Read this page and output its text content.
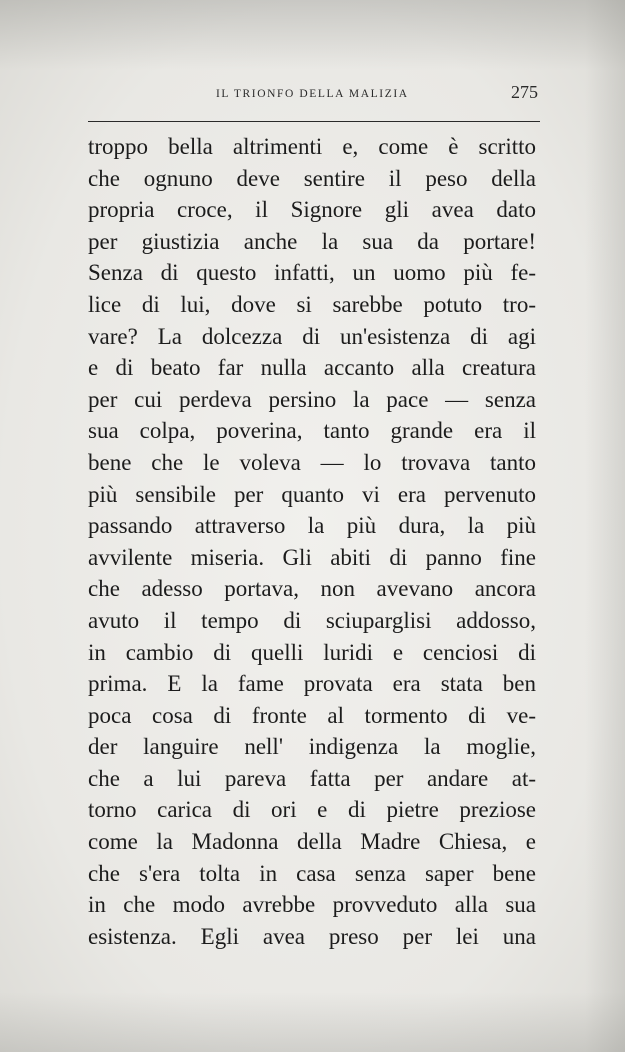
IL TRIONFO DELLA MALIZIA	275
troppo bella altrimenti e, come è scritto
che ognuno deve sentire il peso della
propria croce, il Signore gli avea dato
per giustizia anche la sua da portare!
Senza di questo infatti, un uomo più fe-
lice di lui, dove si sarebbe potuto tro-
vare? La dolcezza di un'esistenza di agi
e di beato far nulla accanto alla creatura
per cui perdeva persino la pace — senza
sua colpa, poverina, tanto grande era il
bene che le voleva — lo trovava tanto
più sensibile per quanto vi era pervenuto
passando attraverso la più dura, la più
avvilente miseria. Gli abiti di panno fine
che adesso portava, non avevano ancora
avuto il tempo di sciuparglisi addosso,
in cambio di quelli luridi e cenciosi di
prima. E la fame provata era stata ben
poca cosa di fronte al tormento di ve-
der languire nell' indigenza la moglie,
che a lui pareva fatta per andare at-
torno carica di ori e di pietre preziose
come la Madonna della Madre Chiesa, e
che s'era tolta in casa senza saper bene
in che modo avrebbe provveduto alla sua
esistenza. Egli avea preso per lei una
